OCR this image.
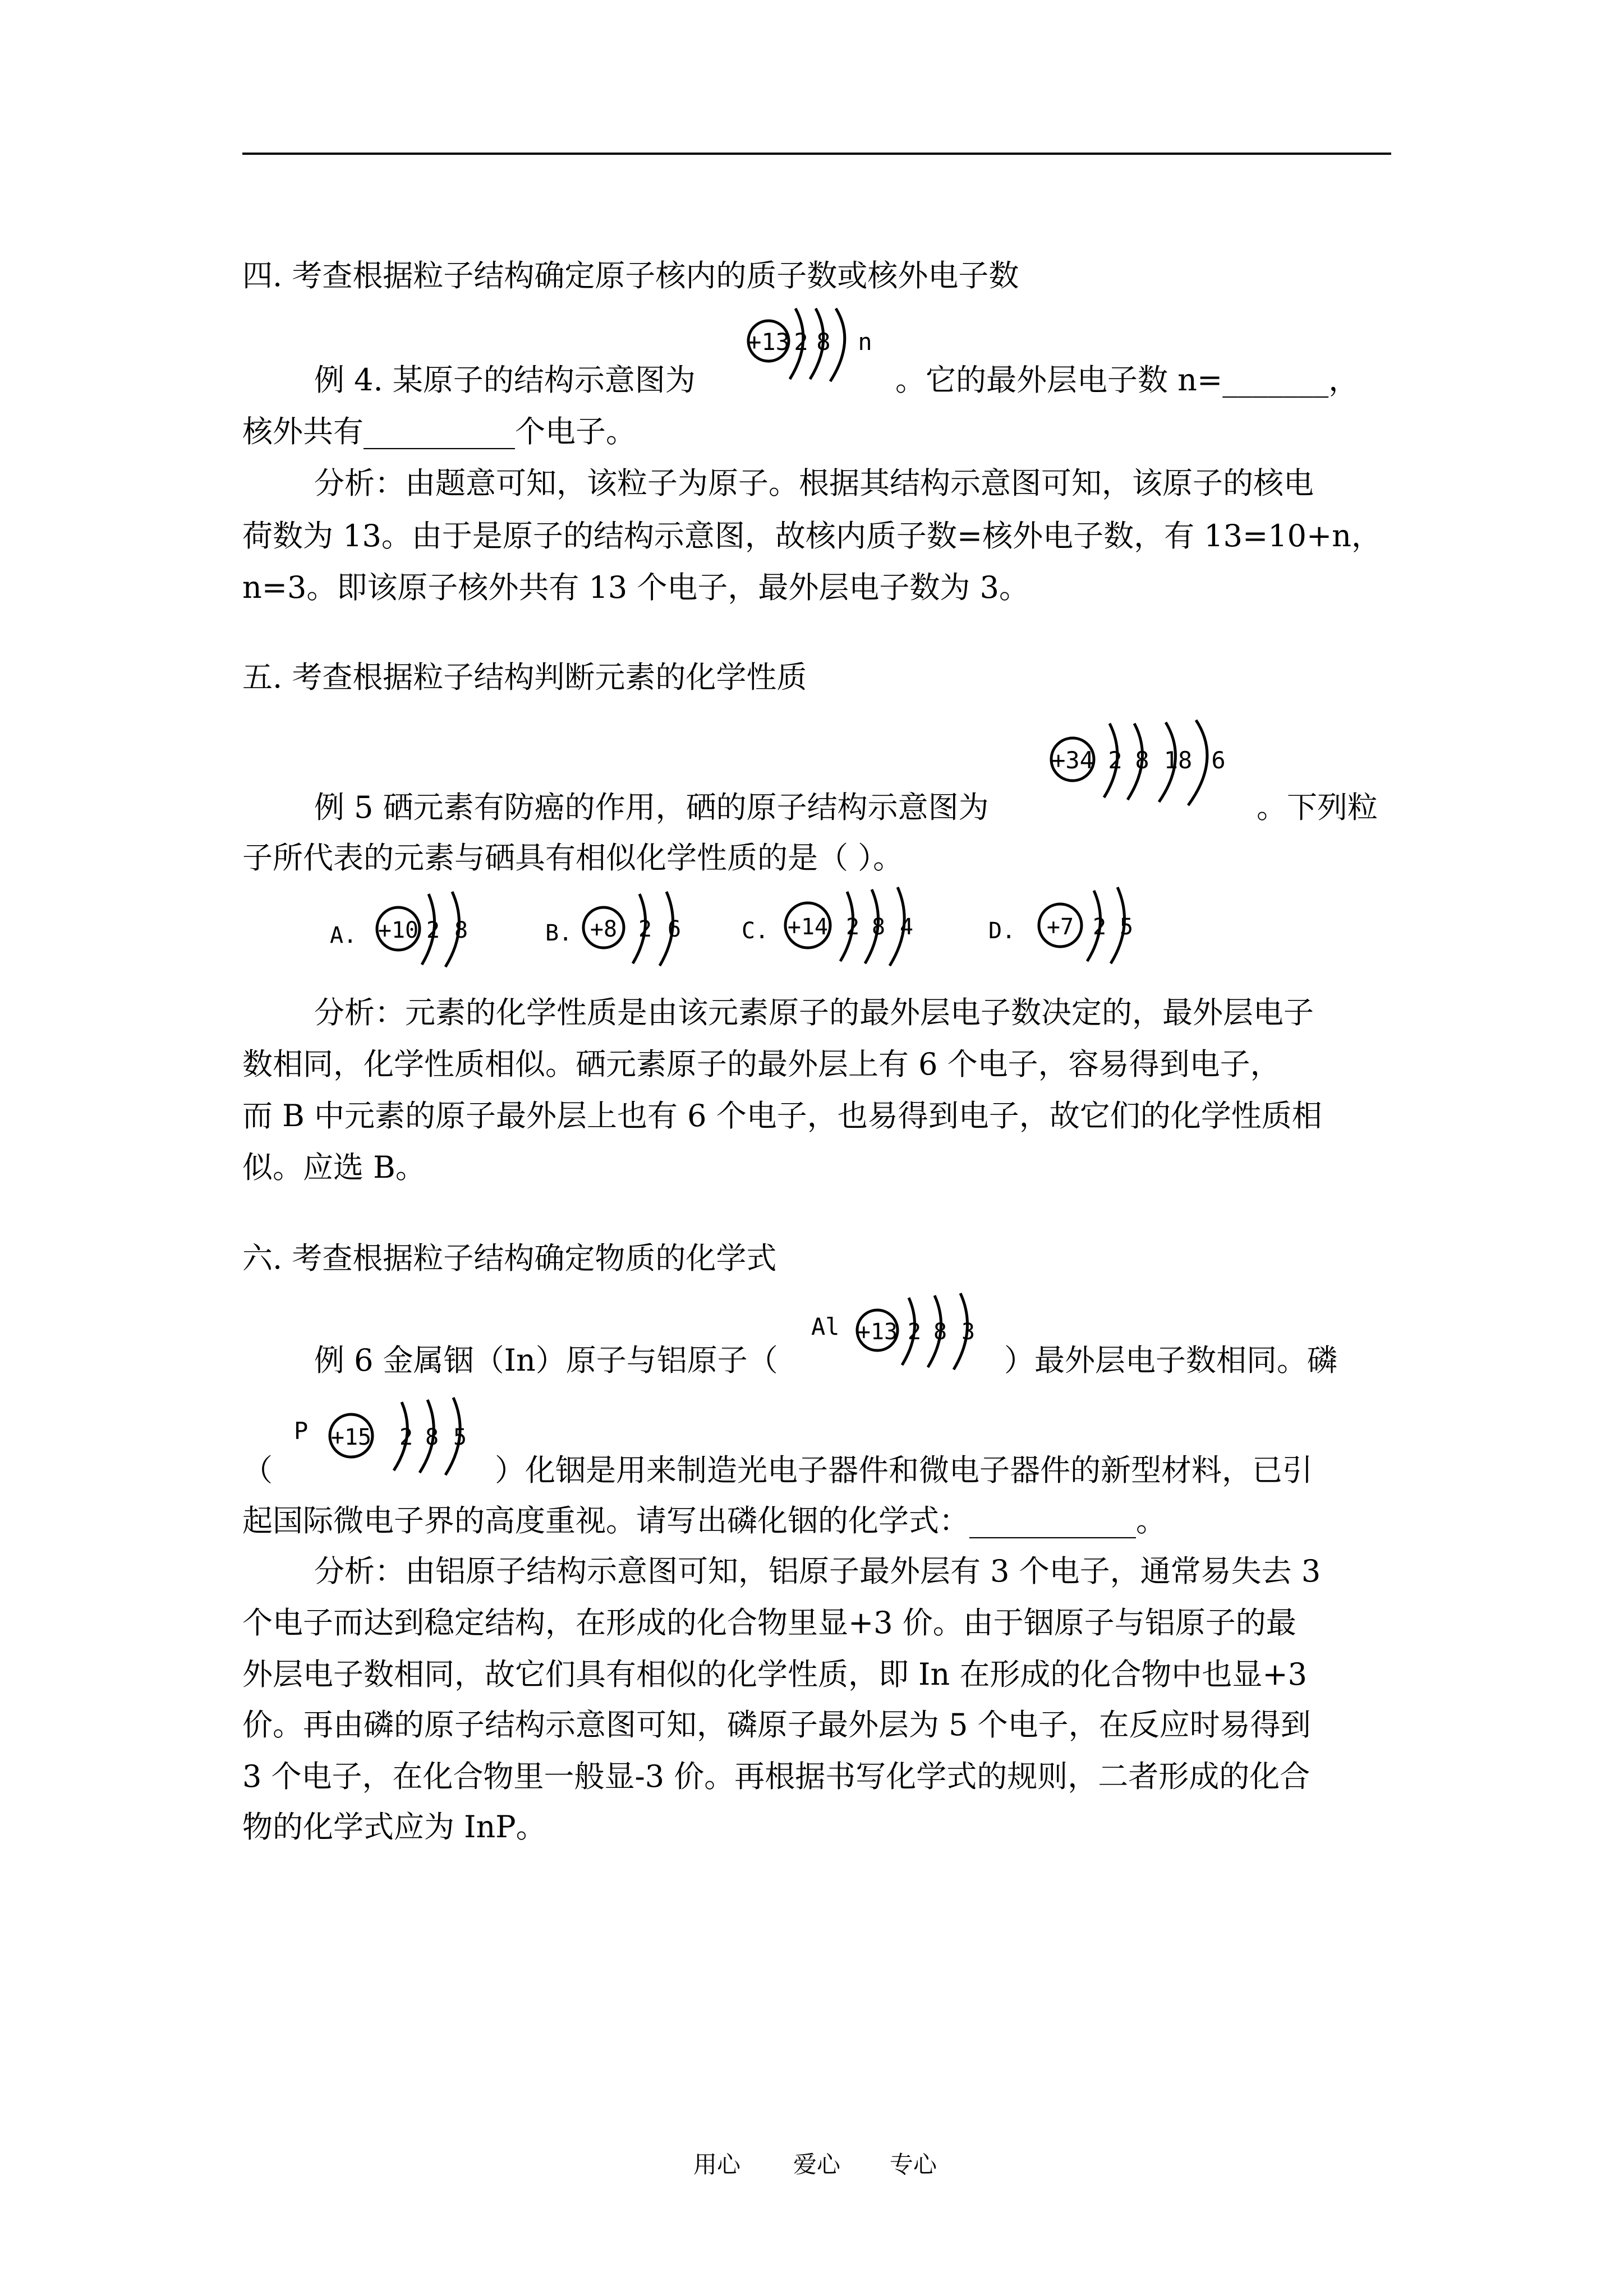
四. 考查根据粒子结构确定原子核内的质子数或核外电子数
例 4. 某原子的结构示意图为
+13 2 8 n
。它的最外层电子数 n=_______，
核外共有__________个电子。
分析：由题意可知，该粒子为原子。根据其结构示意图可知，该原子的核电
荷数为 13。由于是原子的结构示意图，故核内质子数=核外电子数，有 13=10+n，
n=3。即该原子核外共有 13 个电子，最外层电子数为 3。
五. 考查根据粒子结构判断元素的化学性质
+34 2 8 18 6
例 5 硒元素有防癌的作用，硒的原子结构示意图为	。下列粒
子所代表的元素与硒具有相似化学性质的是（ ）。
A. +10 2 8	B. +8 2 6	C. +14 2 8 4	D. +7 2 5
分析：元素的化学性质是由该元素原子的最外层电子数决定的，最外层电子
数相同，化学性质相似。硒元素原子的最外层上有 6 个电子，容易得到电子，
而 B 中元素的原子最外层上也有 6 个电子，也易得到电子，故它们的化学性质相
似。应选 B。
六. 考查根据粒子结构确定物质的化学式
Al +13 2 8 3
例 6 金属铟（In）原子与铝原子（	）最外层电子数相同。磷
P +15 2 8 5
（	）化铟是用来制造光电子器件和微电子器件的新型材料，已引
起国际微电子界的高度重视。请写出磷化铟的化学式：___________。
分析：由铝原子结构示意图可知，铝原子最外层有 3 个电子，通常易失去 3
个电子而达到稳定结构，在形成的化合物里显+3 价。由于铟原子与铝原子的最
外层电子数相同，故它们具有相似的化学性质，即 In 在形成的化合物中也显+3
价。再由磷的原子结构示意图可知，磷原子最外层为 5 个电子，在反应时易得到
3 个电子，在化合物里一般显-3 价。再根据书写化学式的规则，二者形成的化合
物的化学式应为 InP。
用心 爱心 专心
